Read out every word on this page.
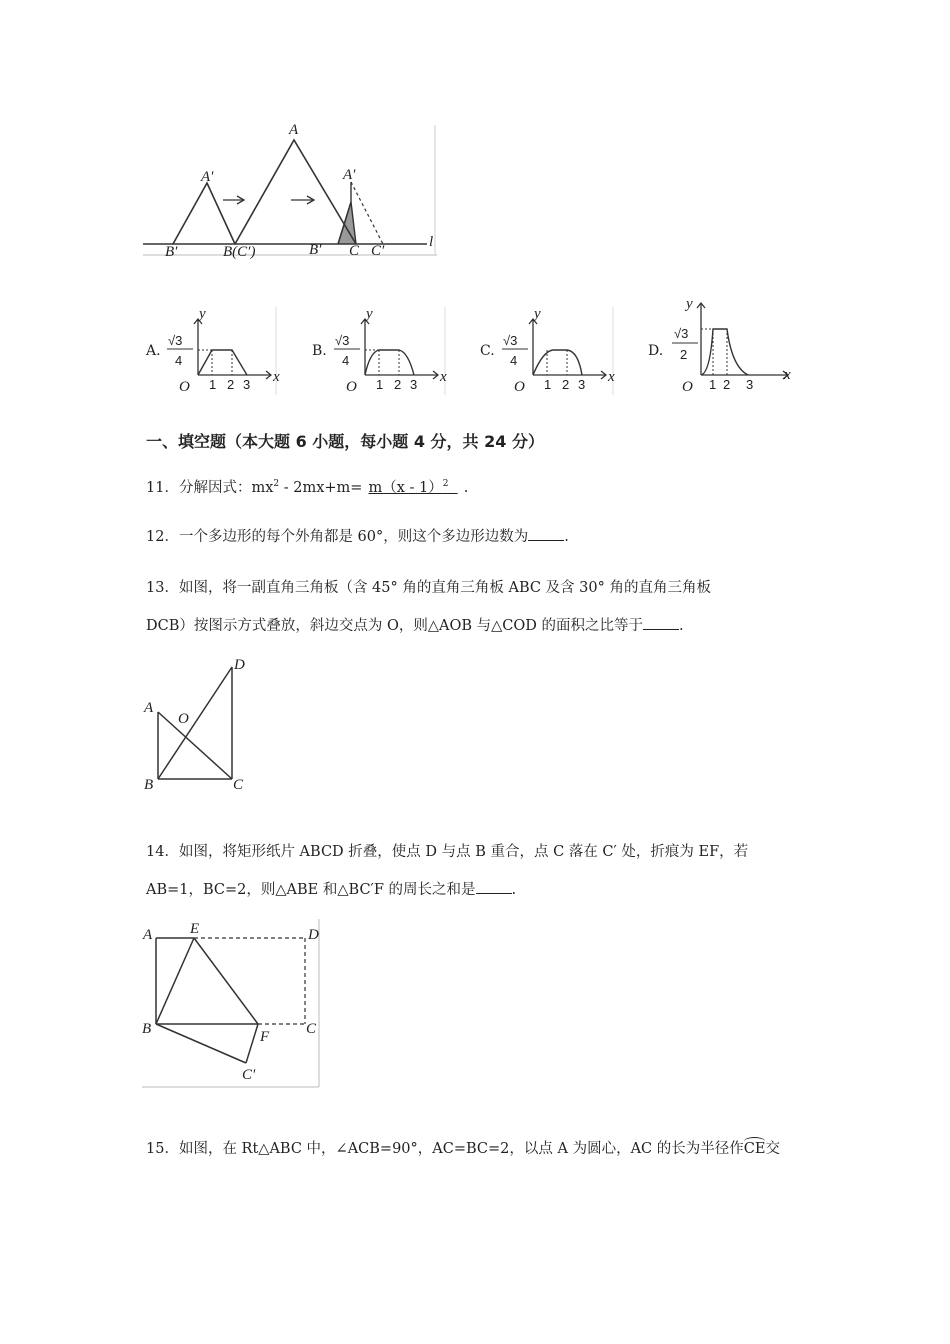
A
A′	A′
B′	B(C′)	B′ C C′
l
A.
y
√3
4
O 1 2 3 x
B.
y
√3
4
O 1 2 3 x
C.
y
√3
4
O 1 2 3 x
D.
y
√3
2
O 1 2 3
x
一、填空题（本大题 6 小题，每小题 4 分，共 24 分）
11．分解因式：$mx^2 - 2mx+m= m(x - 1)^2$ .
12．一个多边形的每个外角都是 60°，则这个多边形边数为 .
13．如图，将一副直角三角板（含 45° 角的直角三角板 ABC 及含 30° 角的直角三角板
DCB）按图示方式叠放，斜边交点为 O，则△AOB 与△COD 的面积之比等于 .
A
B	C
D
O
14．如图，将矩形纸片 ABCD 折叠，使点 D 与点 B 重合，点 C 落在 C′ 处，折痕为 EF，若
AB=1，BC=2，则△ABE 和△BC′F 的周长之和是 .
A	E	D
B	F C
C′
15．如图，在 Rt△ABC 中，∠ACB=90°，AC=BC=2，以点 A 为圆心，AC 的长为半径作CE交
